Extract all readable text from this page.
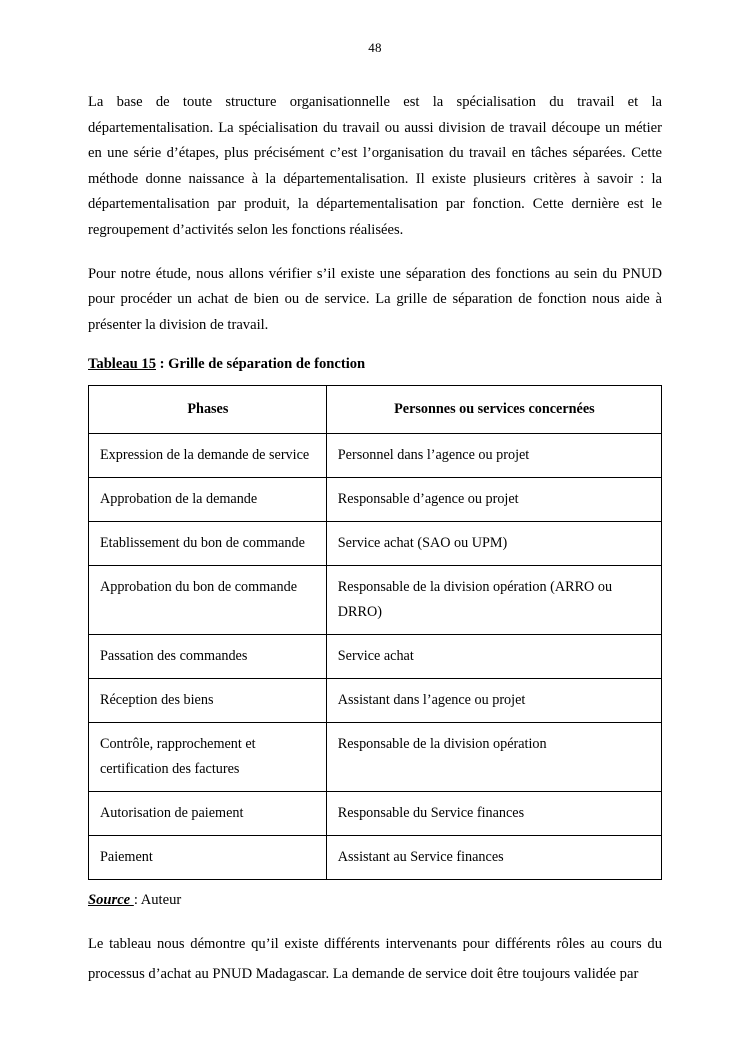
48

La base de toute structure organisationnelle est la spécialisation du travail et la départementalisation. La spécialisation du travail ou aussi division de travail découpe un métier en une série d’étapes, plus précisément c’est l’organisation du travail en tâches séparées. Cette méthode donne naissance à la départementalisation. Il existe plusieurs critères à savoir : la départementalisation par produit, la départementalisation par fonction. Cette dernière est le regroupement d’activités selon les fonctions réalisées.

Pour notre étude, nous allons vérifier s’il existe une séparation des fonctions au sein du PNUD pour procéder un achat de bien ou de service. La grille de séparation de fonction nous aide à présenter la division de travail.

Tableau 15 : Grille de séparation de fonction
Phases	Personnes ou services concernées
Expression de la demande de service	Personnel dans l’agence ou projet
Approbation de la demande	Responsable d’agence ou projet
Etablissement du bon de commande	Service achat (SAO ou UPM)
Approbation du bon de commande	Responsable de la division opération (ARRO ou DRRO)
Passation des commandes	Service achat
Réception des biens	Assistant dans l’agence ou projet
Contrôle, rapprochement et certification des factures	Responsable de la division opération
Autorisation de paiement	Responsable du Service finances
Paiement	Assistant au Service finances
Source : Auteur

Le tableau nous démontre qu’il existe différents intervenants pour différents rôles au cours du processus d’achat au PNUD Madagascar. La demande de service doit être toujours validée par
